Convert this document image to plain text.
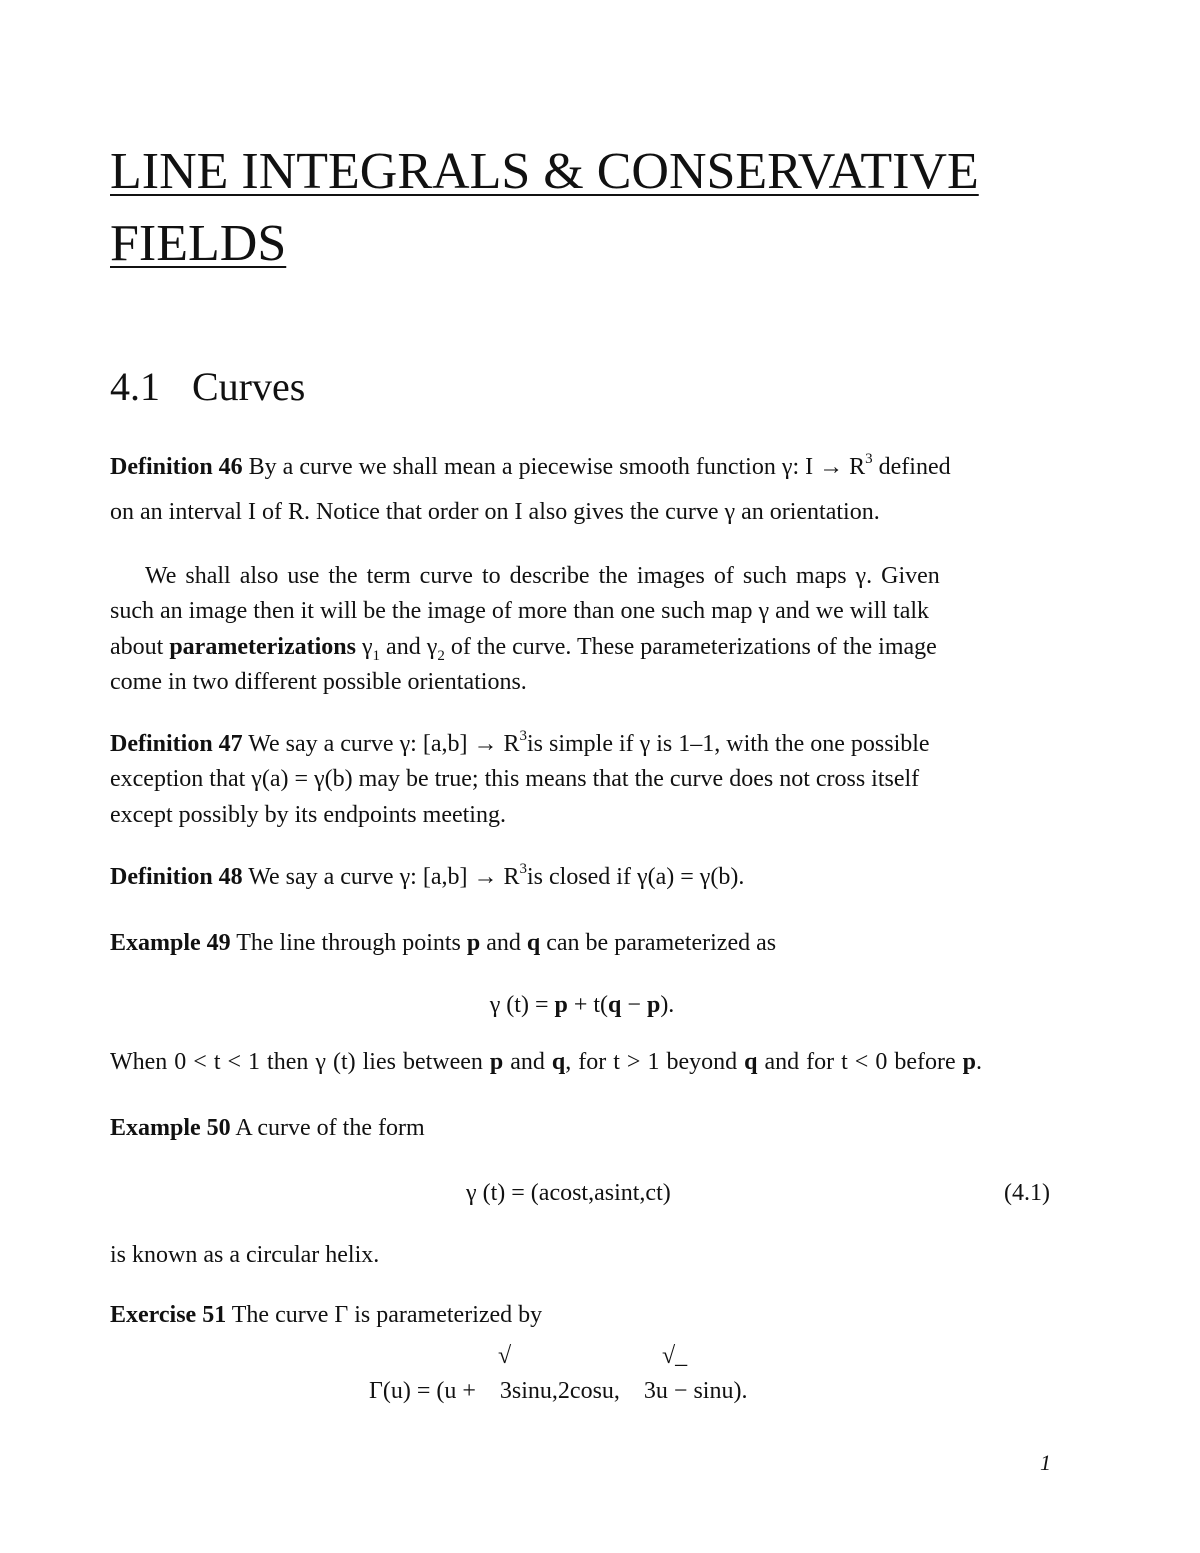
LINE INTEGRALS & CONSERVATIVE
FIELDS
4.1 Curves
Definition 46 By a curve we shall mean a piecewise smooth function γ: $I \to R^3$ defined
on an interval I of R. Notice that order on I also gives the curve γ an orientation.
We shall also use the term curve to describe the images of such maps γ. Given
such an image then it will be the image of more than one such map γ and we will talk
about parameterizations $\gamma_1$ and $\gamma_2$ of the curve. These parameterizations of the image
come in two different possible orientations.
Definition 47 We say a curve γ: $[a,b] \to R^3is$ simple if γ is 1–1, with the one possible
exception that γ(a) = γ(b) may be true; this means that the curve does not cross itself
except possibly by its endpoints meeting.
Definition 48 We say a curve γ: $[a,b] \to R^3is$ closed if γ(a) = γ(b).
Example 49 The line through points p and q can be parameterized as
γ (t) = p + t(q − p).
When 0 < t < 1 then γ (t) lies between p and q, for t > 1 beyond q and for t < 0 before p.
Example 50 A curve of the form
γ (t) = (acost,asint,ct)	(4.1)
is known as a circular helix.
Exercise 51 The curve Γ is parameterized by
√	√_
Γ(u) = (u +    3sinu,2cosu,    3u − sinu).
1
